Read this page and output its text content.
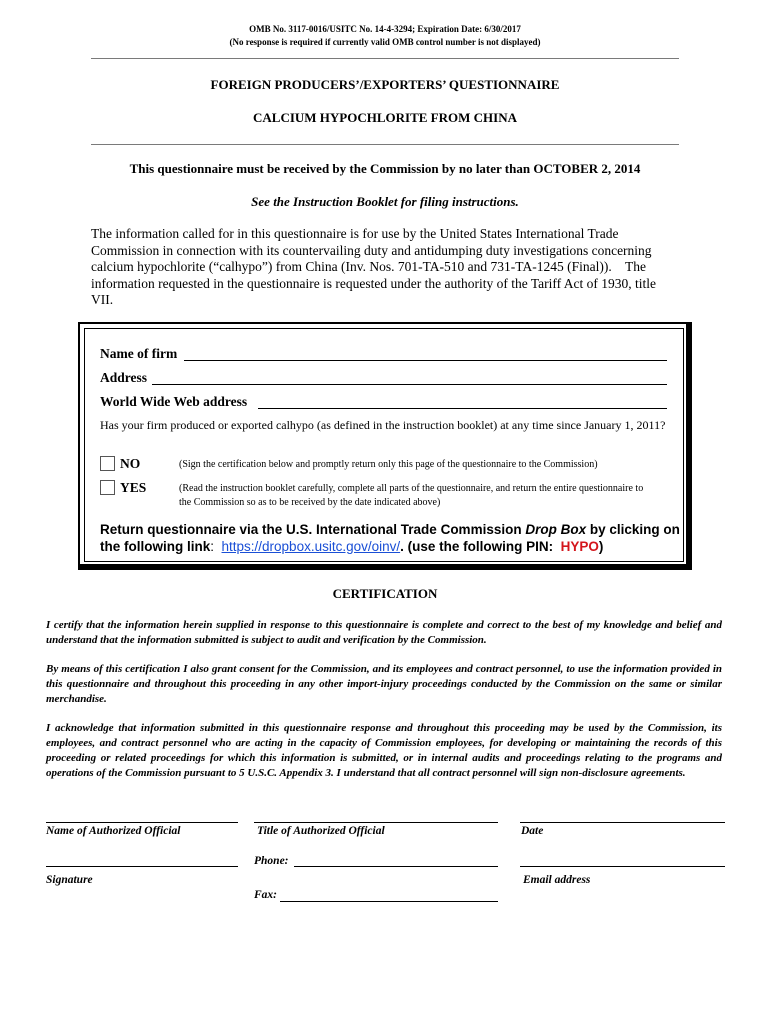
OMB No. 3117-0016/USITC No. 14-4-3294; Expiration Date: 6/30/2017
(No response is required if currently valid OMB control number is not displayed)
FOREIGN PRODUCERS’/EXPORTERS’ QUESTIONNAIRE
CALCIUM HYPOCHLORITE FROM CHINA
This questionnaire must be received by the Commission by no later than OCTOBER 2, 2014
See the Instruction Booklet for filing instructions.
The information called for in this questionnaire is for use by the United States International Trade
Commission in connection with its countervailing duty and antidumping duty investigations concerning
calcium hypochlorite (“calhypo”) from China (Inv. Nos. 701-TA-510 and 731-TA-1245 (Final)).    The
information requested in the questionnaire is requested under the authority of the Tariff Act of 1930, title
VII.
Name of firm
Address
World Wide Web address
Has your firm produced or exported calhypo (as defined in the instruction booklet) at any time since January 1, 2011?
NO	(Sign the certification below and promptly return only this page of the questionnaire to the Commission)
YES	(Read the instruction booklet carefully, complete all parts of the questionnaire, and return the entire questionnaire to the Commission so as to be received by the date indicated above)
Return questionnaire via the U.S. International Trade Commission Drop Box by clicking on the following link:  https://dropbox.usitc.gov/oinv/. (use the following PIN:  HYPO)
CERTIFICATION
I certify that the information herein supplied in response to this questionnaire is complete and correct to the best of my knowledge and belief and understand that the information submitted is subject to audit and verification by the Commission.
By means of this certification I also grant consent for the Commission, and its employees and contract personnel, to use the information provided in this questionnaire and throughout this proceeding in any other import-injury proceedings conducted by the Commission on the same or similar merchandise.
I acknowledge that information submitted in this questionnaire response and throughout this proceeding may be used by the Commission, its employees, and contract personnel who are acting in the capacity of Commission employees, for developing or maintaining the records of this proceeding or related proceedings for which this information is submitted, or in internal audits and proceedings relating to the programs and operations of the Commission pursuant to 5 U.S.C. Appendix 3. I understand that all contract personnel will sign non-disclosure agreements.
Name of Authorized Official	Title of Authorized Official	Date
Phone:
Signature	Email address
Fax:
